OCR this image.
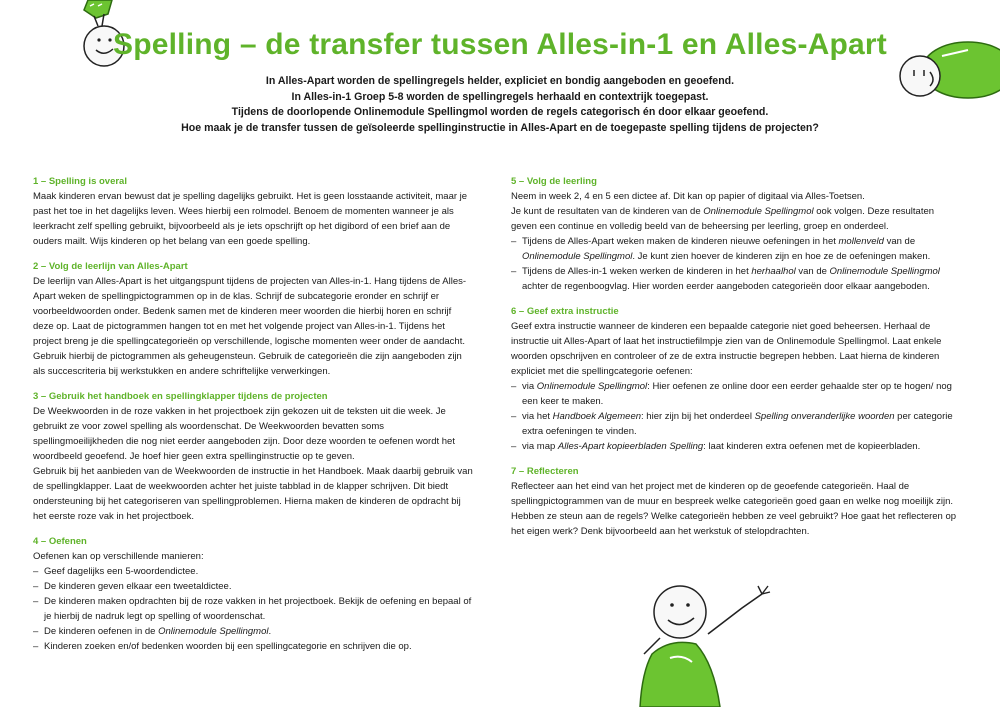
Spelling – de transfer tussen Alles-in-1 en Alles-Apart
In Alles-Apart worden de spellingregels helder, expliciet en bondig aangeboden en geoefend.
In Alles-in-1 Groep 5-8 worden de spellingregels herhaald en contextrijk toegepast.
Tijdens de doorlopende Onlinemodule Spellingmol worden de regels categorisch én door elkaar geoefend.
Hoe maak je de transfer tussen de geïsoleerde spellinginstructie in Alles-Apart en de toegepaste spelling tijdens de projecten?
1 – Spelling is overal

Maak kinderen ervan bewust dat je spelling dagelijks gebruikt. Het is geen losstaande activiteit, maar je past het toe in het dagelijks leven. Wees hierbij een rolmodel. Benoem de momenten wanneer je als leerkracht zelf spelling gebruikt, bijvoorbeeld als je iets opschrijft op het digibord of een brief aan de ouders mailt. Wijs kinderen op het belang van een goede spelling.

2 – Volg de leerlijn van Alles-Apart

De leerlijn van Alles-Apart is het uitgangspunt tijdens de projecten van Alles-in-1. Hang tijdens de Alles-Apart weken de spellingpictogrammen op in de klas. Schrijf de subcategorie eronder en schrijf er voorbeeldwoorden onder. Bedenk samen met de kinderen meer woorden die hierbij horen en schrijf deze op. Laat de pictogrammen hangen tot en met het volgende project van Alles-in-1. Tijdens het project breng je die spellingcategorieën op verschillende, logische momenten weer onder de aandacht. Gebruik hierbij de pictogrammen als geheugensteun. Gebruik de categorieën die zijn aangeboden zijn als succescriteria bij werkstukken en andere schriftelijke verwerkingen.

3 – Gebruik het handboek en spellingklapper tijdens de projecten

De Weekwoorden in de roze vakken in het projectboek zijn gekozen uit de teksten uit die week. Je gebruikt ze voor zowel spelling als woordenschat. De Weekwoorden bevatten soms spellingmoeilijkheden die nog niet eerder aangeboden zijn. Door deze woorden te oefenen wordt het woordbeeld geoefend. Je hoef hier geen extra spellinginstructie op te geven.

Gebruik bij het aanbieden van de Weekwoorden de instructie in het Handboek. Maak daarbij gebruik van de spellingklapper. Laat de weekwoorden achter het juiste tabblad in de klapper schrijven. Dit biedt ondersteuning bij het categoriseren van spellingproblemen. Hierna maken de kinderen de opdracht bij het eerste roze vak in het projectboek.

4 – Oefenen

Oefenen kan op verschillende manieren:

– Geef dagelijks een 5-woordendictee.
– De kinderen geven elkaar een tweetaldictee.
– De kinderen maken opdrachten bij de roze vakken in het projectboek. Bekijk de oefening en bepaal of je hierbij de nadruk legt op spelling of woordenschat.
– De kinderen oefenen in de Onlinemodule Spellingmol.
– Kinderen zoeken en/of bedenken woorden bij een spellingcategorie en schrijven die op.
5 – Volg de leerling

Neem in week 2, 4 en 5 een dictee af. Dit kan op papier of digitaal via Alles-Toetsen.

Je kunt de resultaten van de kinderen van de Onlinemodule Spellingmol ook volgen. Deze resultaten geven een continue en volledig beeld van de beheersing per leerling, groep en onderdeel.

– Tijdens de Alles-Apart weken maken de kinderen nieuwe oefeningen in het mollenveld van de Onlinemodule Spellingmol. Je kunt zien hoever de kinderen zijn en hoe ze de oefeningen maken.
– Tijdens de Alles-in-1 weken werken de kinderen in het herhaalhol van de Onlinemodule Spellingmol achter de regenboogvlag. Hier worden eerder aangeboden categorieën door elkaar aangeboden.
6 – Geef extra instructie

Geef extra instructie wanneer de kinderen een bepaalde categorie niet goed beheersen. Herhaal de instructie uit Alles-Apart of laat het instructiefilmpje zien van de Onlinemodule Spellingmol. Laat enkele woorden opschrijven en controleer of ze de extra instructie begrepen hebben. Laat hierna de kinderen expliciet met die spellingcategorie oefenen:

– via Onlinemodule Spellingmol: Hier oefenen ze online door een eerder gehaalde ster op te hogen/ nog een keer te maken.
– via het Handboek Algemeen: hier zijn bij het onderdeel Spelling onveranderlijke woorden per categorie extra oefeningen te vinden.
– via map Alles-Apart kopieerbladen Spelling: laat kinderen extra oefenen met de kopieerbladen.
7 – Reflecteren

Reflecteer aan het eind van het project met de kinderen op de geoefende categorieën. Haal de spellingpictogrammen van de muur en bespreek welke categorieën goed gaan en welke nog moeilijk zijn. Hebben ze steun aan de regels? Welke categorieën hebben ze veel gebruikt? Hoe gaat het reflecteren op het eigen werk? Denk bijvoorbeeld aan het werkstuk of stelopdrachten.
